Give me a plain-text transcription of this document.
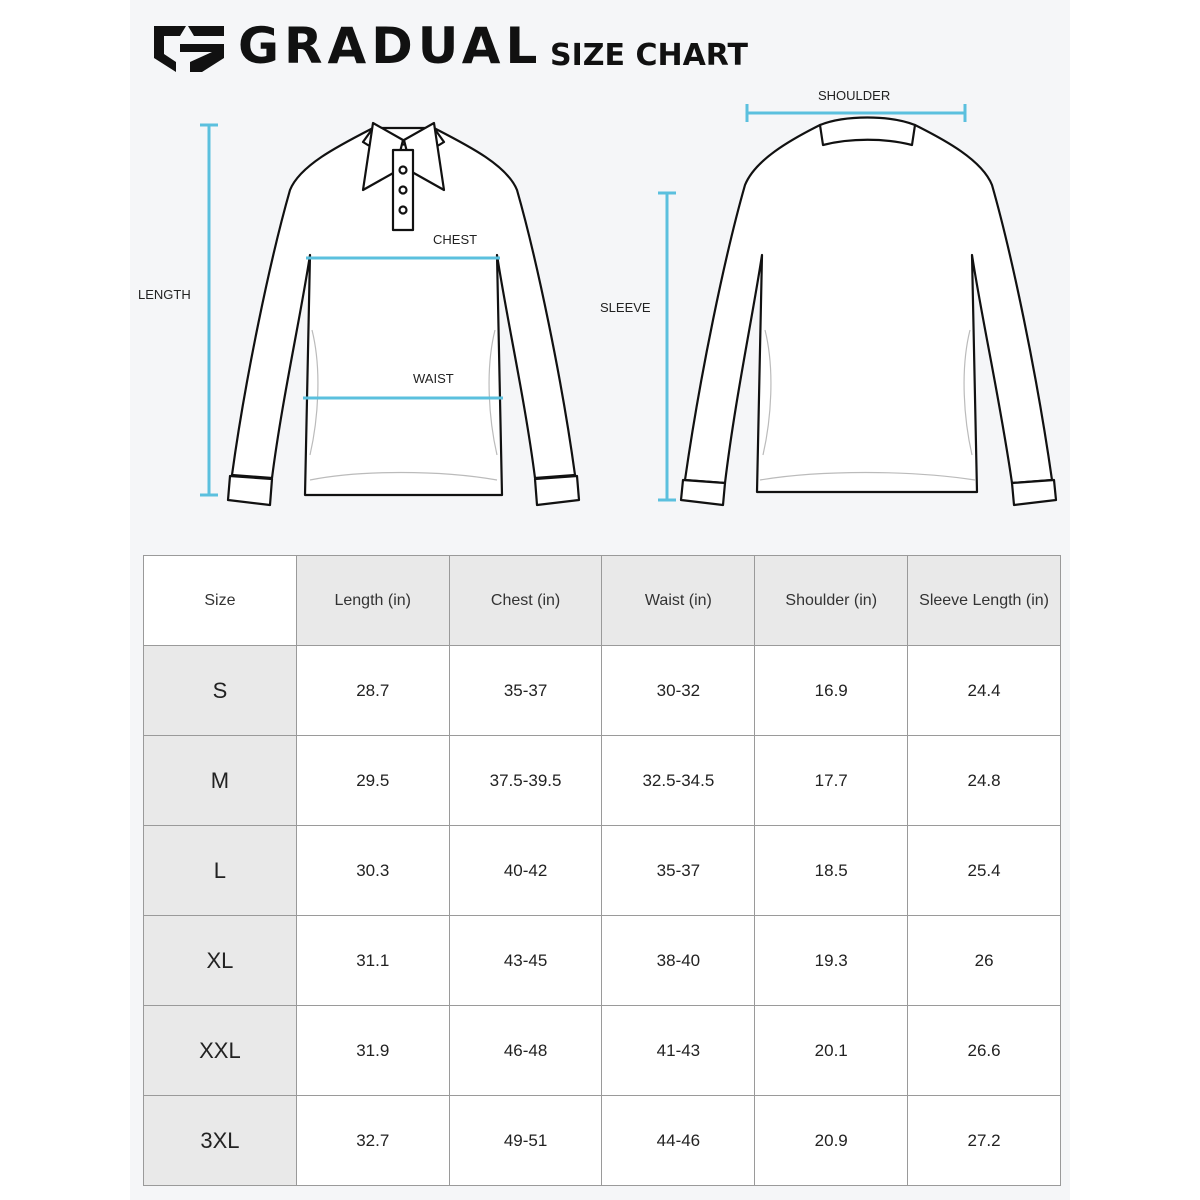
GRADUAL SIZE CHART
LENGTH
CHEST
WAIST
SLEEVE
SHOULDER
Size	Length (in)	Chest (in)	Waist (in)	Shoulder (in)	Sleeve Length (in)
S	28.7	35-37	30-32	16.9	24.4
M	29.5	37.5-39.5	32.5-34.5	17.7	24.8
L	30.3	40-42	35-37	18.5	25.4
XL	31.1	43-45	38-40	19.3	26
XXL	31.9	46-48	41-43	20.1	26.6
3XL	32.7	49-51	44-46	20.9	27.2
